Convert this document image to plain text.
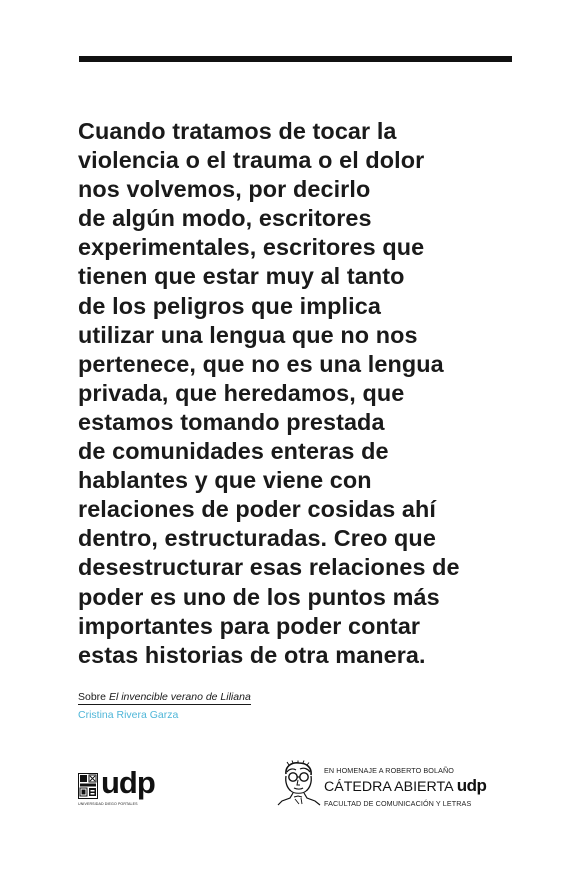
Cuando tratamos de tocar la
violencia o el trauma o el dolor
nos volvemos, por decirlo
de algún modo, escritores
experimentales, escritores que
tienen que estar muy al tanto
de los peligros que implica
utilizar una lengua que no nos
pertenece, que no es una lengua
privada, que heredamos, que
estamos tomando prestada
de comunidades enteras de
hablantes y que viene con
relaciones de poder cosidas ahí
dentro, estructuradas. Creo que
desestructurar esas relaciones de
poder es uno de los puntos más
importantes para poder contar
estas historias de otra manera.
Sobre El invencible verano de Liliana
Cristina Rivera Garza
udp
UNIVERSIDAD DIEGO PORTALES
EN HOMENAJE A ROBERTO BOLAÑO
CÁTEDRA ABIERTA udp
FACULTAD DE COMUNICACIÓN Y LETRAS
